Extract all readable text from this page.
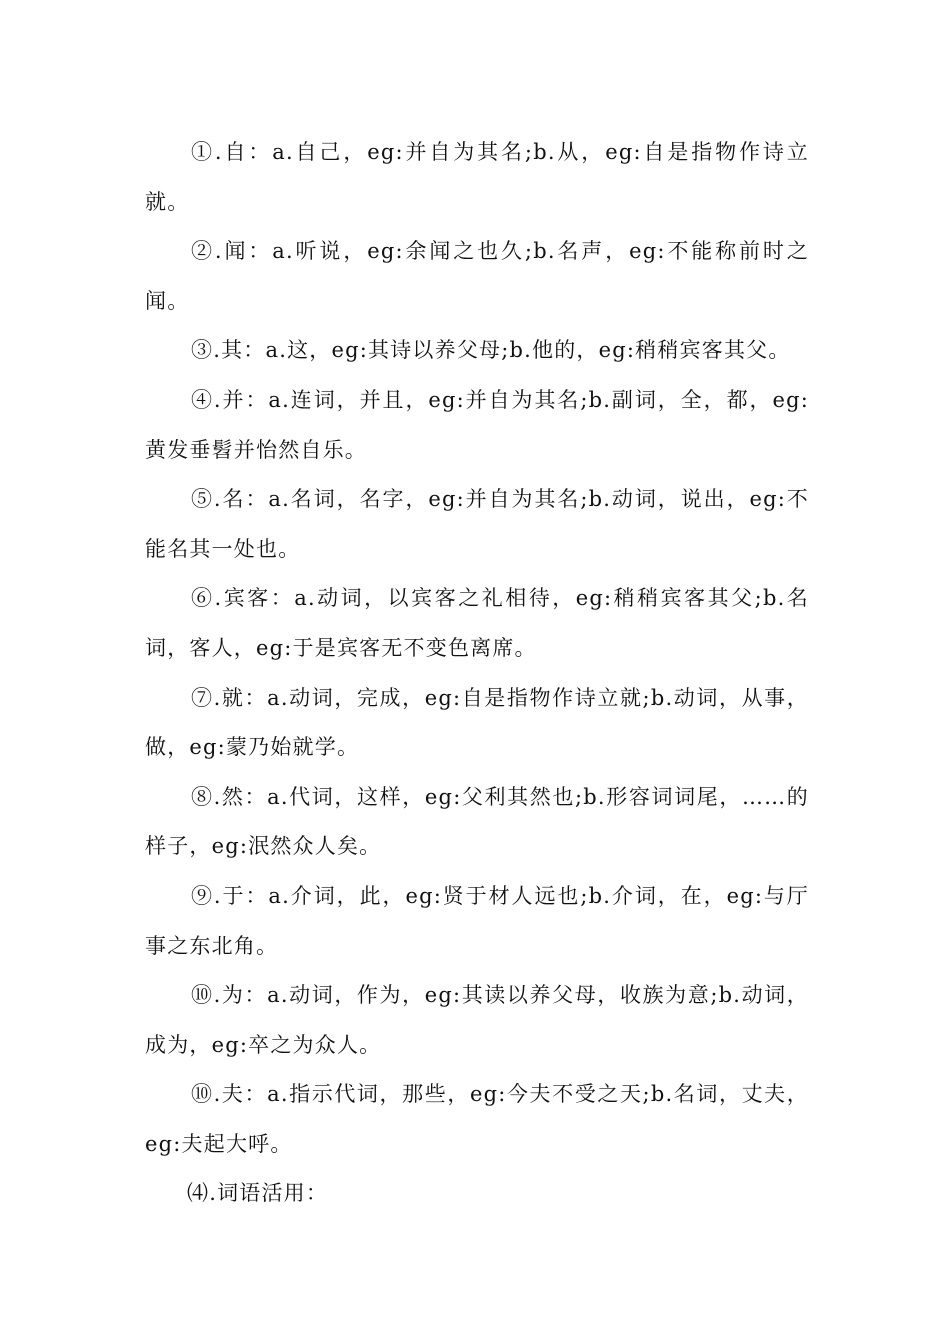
①.自：a.自己，eg:并自为其名;b.从，eg:自是指物作诗立就。

②.闻：a.听说，eg:余闻之也久;b.名声，eg:不能称前时之闻。

③.其：a.这，eg:其诗以养父母;b.他的，eg:稍稍宾客其父。

④.并：a.连词，并且，eg:并自为其名;b.副词，全，都，eg:黄发垂髫并怡然自乐。

⑤.名：a.名词，名字，eg:并自为其名;b.动词，说出，eg:不能名其一处也。

⑥.宾客：a.动词，以宾客之礼相待，eg:稍稍宾客其父;b.名词，客人，eg:于是宾客无不变色离席。

⑦.就：a.动词，完成，eg:自是指物作诗立就;b.动词，从事，做，eg:蒙乃始就学。

⑧.然：a.代词，这样，eg:父利其然也;b.形容词词尾，……的样子，eg:泯然众人矣。

⑨.于：a.介词，此，eg:贤于材人远也;b.介词，在，eg:与厅事之东北角。

⑩.为：a.动词，作为，eg:其读以养父母，收族为意;b.动词，成为，eg:卒之为众人。

⑩.夫：a.指示代词，那些，eg:今夫不受之天;b.名词，丈夫，eg:夫起大呼。

⑷.词语活用：
